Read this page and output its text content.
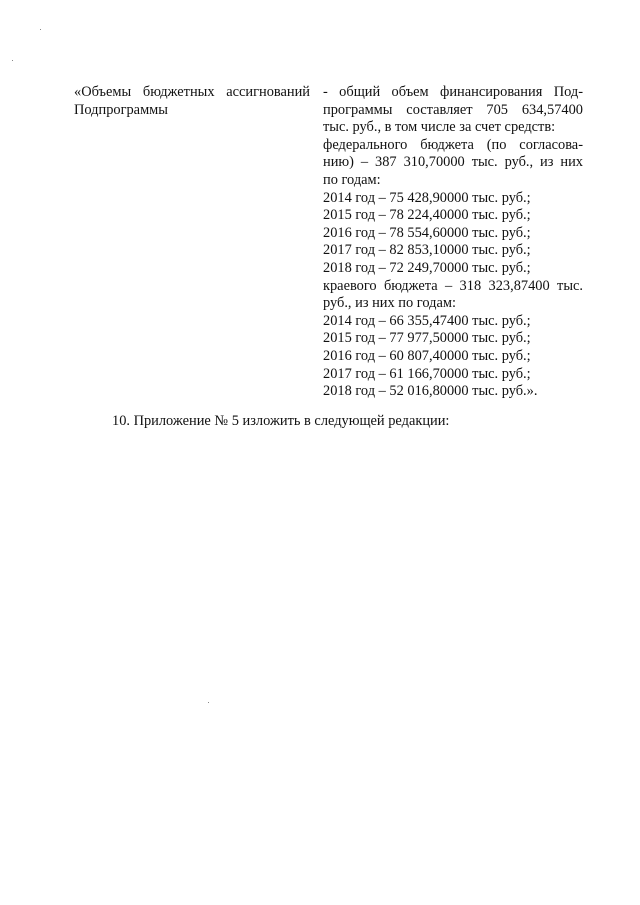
«Объемы бюджетных ассигнований
Подпрограммы
- общий объем финансирования Под-
программы составляет 705 634,57400
тыс. руб., в том числе за счет средств:
федерального бюджета (по согласова-
нию) – 387 310,70000 тыс. руб., из них
по годам:
2014 год – 75 428,90000 тыс. руб.;
2015 год – 78 224,40000 тыс. руб.;
2016 год – 78 554,60000 тыс. руб.;
2017 год – 82 853,10000 тыс. руб.;
2018 год – 72 249,70000 тыс. руб.;
краевого бюджета – 318 323,87400 тыс.
руб., из них по годам:
2014 год – 66 355,47400 тыс. руб.;
2015 год – 77 977,50000 тыс. руб.;
2016 год – 60 807,40000 тыс. руб.;
2017 год – 61 166,70000 тыс. руб.;
2018 год – 52 016,80000 тыс. руб.».
10. Приложение № 5 изложить в следующей редакции:
